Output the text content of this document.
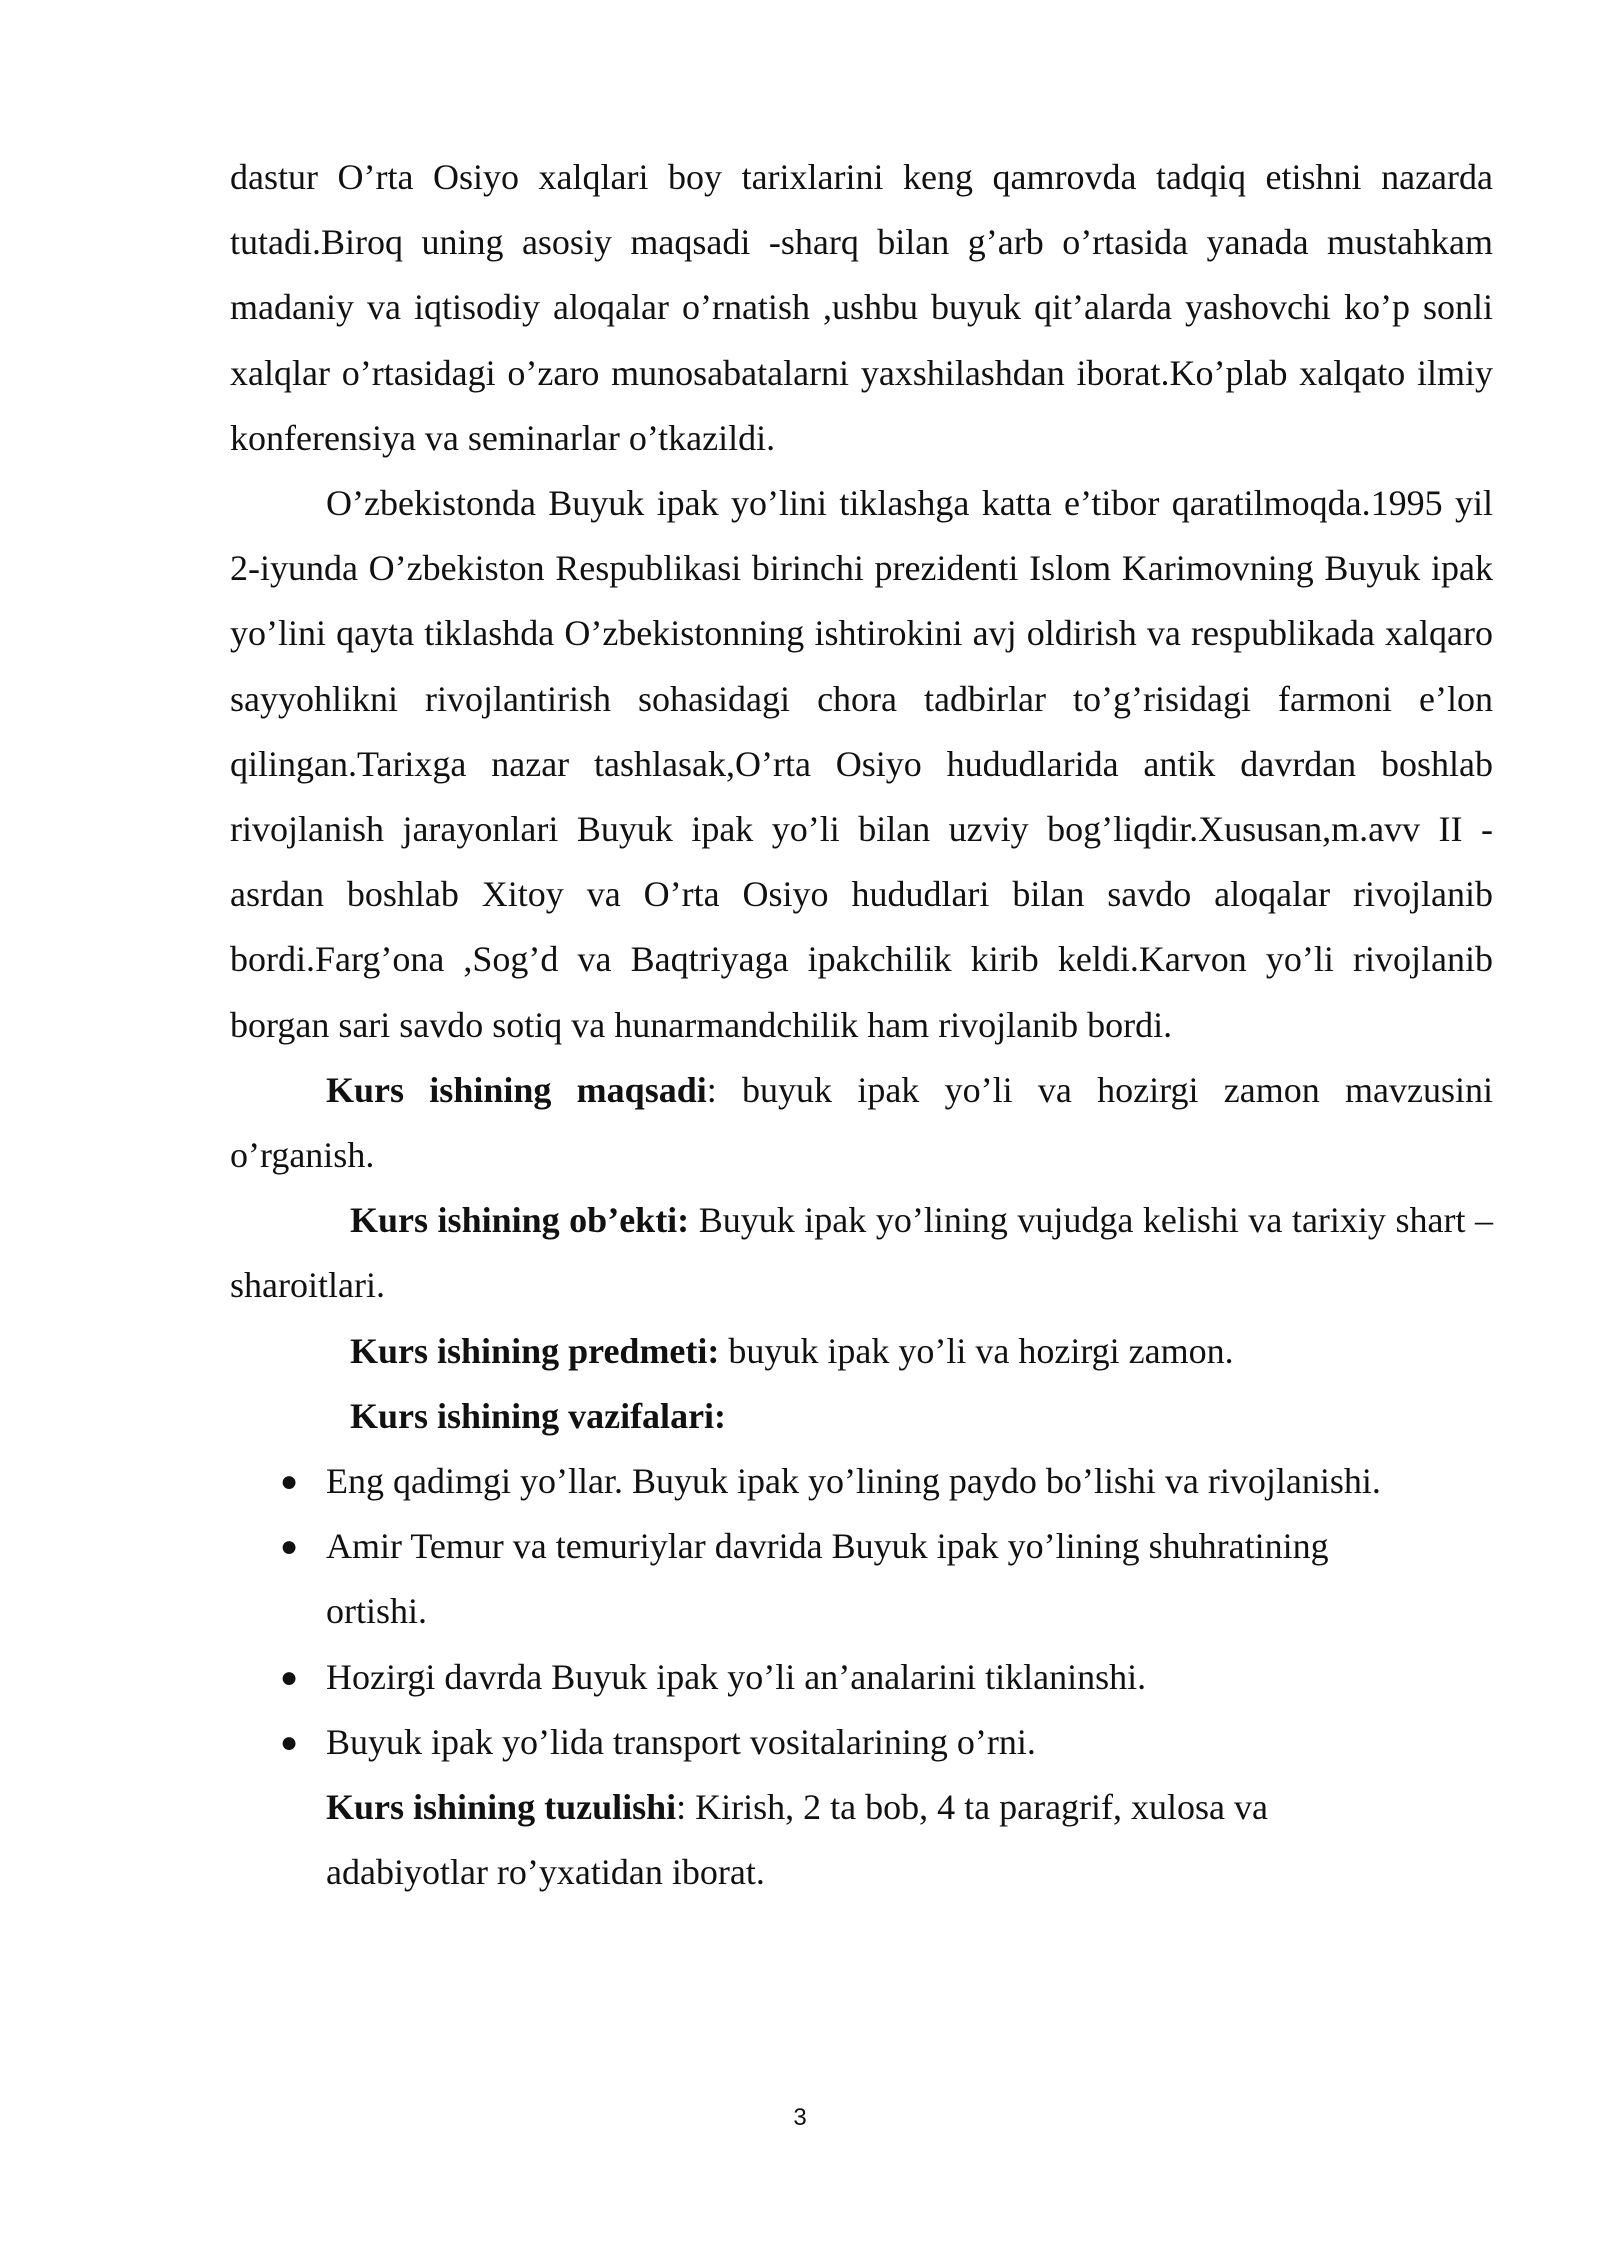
dastur O’rta Osiyo xalqlari boy tarixlarini keng qamrovda tadqiq etishni nazarda tutadi.Biroq uning asosiy maqsadi -sharq bilan g’arb o’rtasida yanada mustahkam madaniy va iqtisodiy aloqalar o’rnatish ,ushbu buyuk qit’alarda yashovchi ko’p sonli xalqlar o’rtasidagi o’zaro munosabatalarni yaxshilashdan iborat.Ko’plab xalqato ilmiy konferensiya va seminarlar o’tkazildi.

O’zbekistonda Buyuk ipak yo’lini tiklashga katta e’tibor qaratilmoqda.1995 yil 2-iyunda O’zbekiston Respublikasi birinchi prezidenti Islom Karimovning Buyuk ipak yo’lini qayta tiklashda O’zbekistonning ishtirokini avj oldirish va respublikada xalqaro sayyohlikni rivojlantirish sohasidagi chora tadbirlar to’g’risidagi farmoni e’lon qilingan.Tarixga nazar tashlasak,O’rta Osiyo hududlarida antik davrdan boshlab rivojlanish jarayonlari Buyuk ipak yo’li bilan uzviy bog’liqdir.Xususan,m.avv II -asrdan boshlab Xitoy va O’rta Osiyo hududlari bilan savdo aloqalar rivojlanib bordi.Farg’ona ,Sog’d va Baqtriyaga ipakchilik kirib keldi.Karvon yo’li rivojlanib borgan sari savdo sotiq va hunarmandchilik ham rivojlanib bordi.

Kurs ishining maqsadi: buyuk ipak yo’li va hozirgi zamon mavzusini o’rganish.

Kurs ishining ob’ekti: Buyuk ipak yo’lining vujudga kelishi va tarixiy shart – sharoitlari.

Kurs ishining predmeti: buyuk ipak yo’li va hozirgi zamon.

Kurs ishining vazifalari:

● Eng qadimgi yo’llar. Buyuk ipak yo’lining paydo bo’lishi va rivojlanishi.
● Amir Temur va temuriylar davrida Buyuk ipak yo’lining shuhratining ortishi.
● Hozirgi davrda Buyuk ipak yo’li an’analarini tiklaninshi.
● Buyuk ipak yo’lida transport vositalarining o’rni.

Kurs ishining tuzulishi: Kirish, 2 ta bob, 4 ta paragrif, xulosa va adabiyotlar ro’yxatidan iborat.

3
